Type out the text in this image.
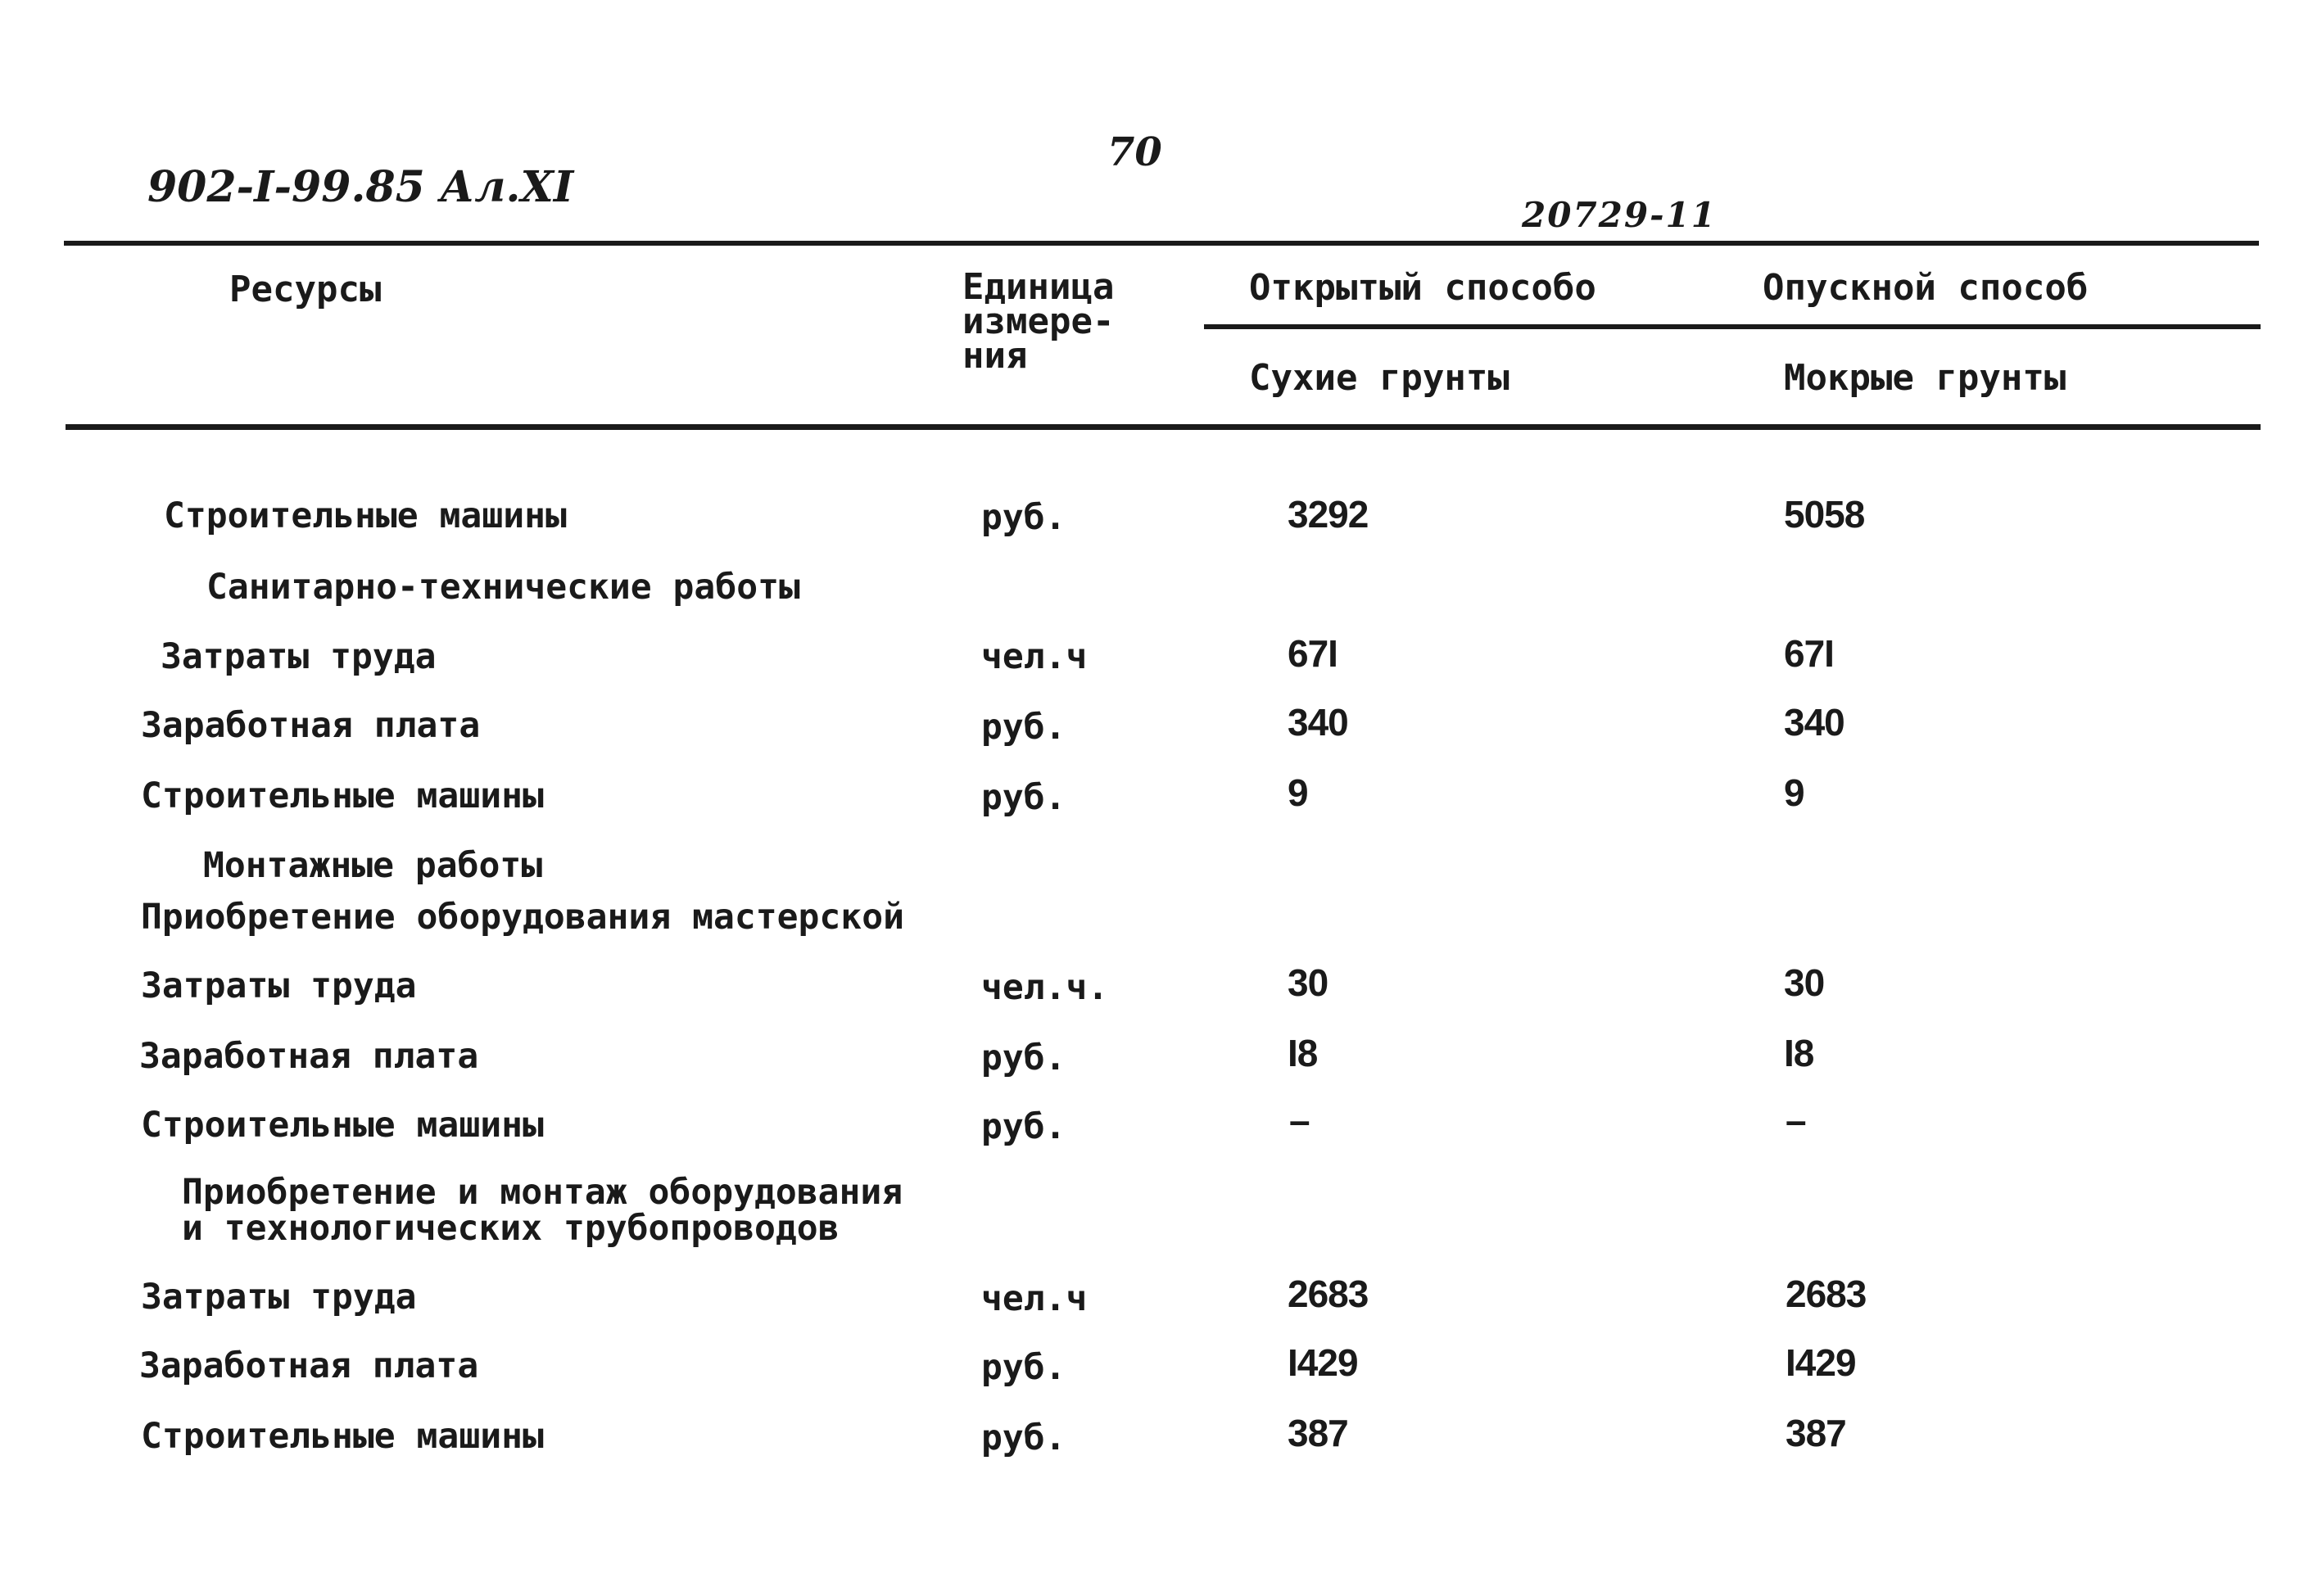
902-I-99.85 Ал.XI
70
20729-11
Ресурсы	Единица
измере-
ния
Открытый способо	Опускной способ
Сухие грунты	Мокрые грунты
Строительные машины	руб.	3292	5058
Санитарно-технические работы
Затраты труда	чел.ч	67I	67I
Заработная плата	руб.	340	340
Строительные машины	руб.	9	9
Монтажные работы
Приобретение оборудования мастерской
Затраты труда	чел.ч.	30	30
Заработная плата	руб.	I8	I8
Строительные машины	руб.	–	–
Приобретение и монтаж оборудования
и технологических трубопроводов
Затраты труда	чел.ч	2683	2683
Заработная плата	руб.	I429	I429
Строительные машины	руб.	387	387
